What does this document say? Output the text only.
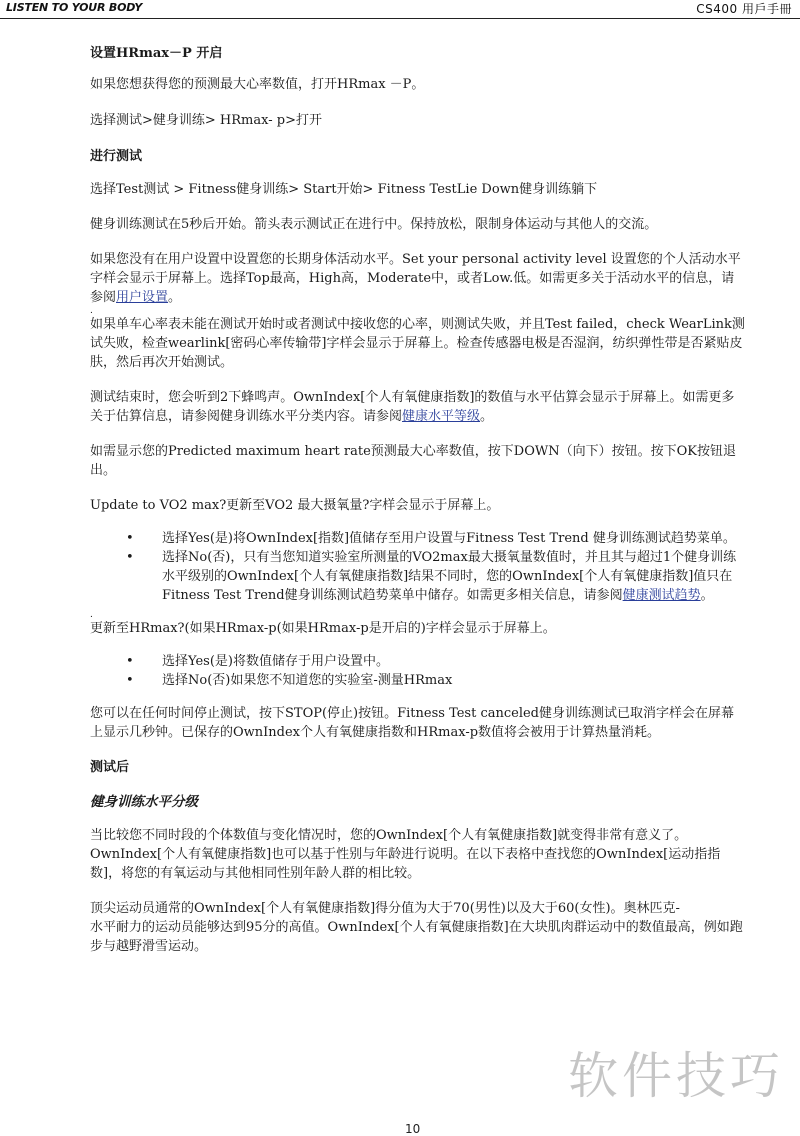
LISTEN TO YOUR BODY	CS400 用戶手冊

设置HRmax－P 开启

如果您想获得您的预测最大心率数值，打开HRmax －P。

选择测试>健身训练> HRmax- p>打开

进行测试

选择Test测试 > Fitness健身训练> Start开始> Fitness TestLie Down健身训练躺下

健身训练测试在5秒后开始。箭头表示测试正在进行中。保持放松，限制身体运动与其他人的交流。

如果您没有在用户设置中设置您的长期身体活动水平。Set your personal activity level 设置您的个人活动水平字样会显示于屏幕上。选择Top最高，High高，Moderate中，或者Low.低。如需更多关于活动水平的信息，请参阅用户设置。

.

如果单车心率表未能在测试开始时或者测试中接收您的心率，则测试失败，并且Test failed，check WearLink测试失败，检查wearlink[密码心率传输带]字样会显示于屏幕上。检查传感器电极是否湿润，纺织弹性带是否紧贴皮肤，然后再次开始测试。

测试结束时，您会听到2下蜂鸣声。OwnIndex[个人有氧健康指数]的数值与水平估算会显示于屏幕上。如需更多关于估算信息，请参阅健身训练水平分类内容。请参阅健康水平等级。

如需显示您的Predicted maximum heart rate预测最大心率数值，按下DOWN（向下）按钮。按下OK按钮退出。

Update to VO2 max?更新至VO2 最大摄氧量?字样会显示于屏幕上。

• 选择Yes(是)将OwnIndex[指数]值储存至用户设置与Fitness Test Trend 健身训练测试趋势菜单。
• 选择No(否)，只有当您知道实验室所测量的VO2max最大摄氧量数值时，并且其与超过1个健身训练水平级别的OwnIndex[个人有氧健康指数]结果不同时，您的OwnIndex[个人有氧健康指数]值只在Fitness Test Trend健身训练测试趋势菜单中储存。如需更多相关信息，请参阅健康测试趋势。
.

更新至HRmax?(如果HRmax-p(如果HRmax-p是开启的)字样会显示于屏幕上。

• 选择Yes(是)将数值储存于用户设置中。
• 选择No(否)如果您不知道您的实验室-测量HRmax

您可以在任何时间停止测试，按下STOP(停止)按钮。Fitness Test canceled健身训练测试已取消字样会在屏幕上显示几秒钟。已保存的OwnIndex个人有氧健康指数和HRmax-p数值将会被用于计算热量消耗。

测试后

健身训练水平分级

当比较您不同时段的个体数值与变化情况时，您的OwnIndex[个人有氧健康指数]就变得非常有意义了。OwnIndex[个人有氧健康指数]也可以基于性别与年龄进行说明。在以下表格中查找您的OwnIndex[运动指指数]，将您的有氧运动与其他相同性别年龄人群的相比较。

顶尖运动员通常的OwnIndex[个人有氧健康指数]得分值为大于70(男性)以及大于60(女性)。奥林匹克-

水平耐力的运动员能够达到95分的高值。OwnIndex[个人有氧健康指数]在大块肌肉群运动中的数值最高，例如跑步与越野滑雪运动。

10
软件技巧
